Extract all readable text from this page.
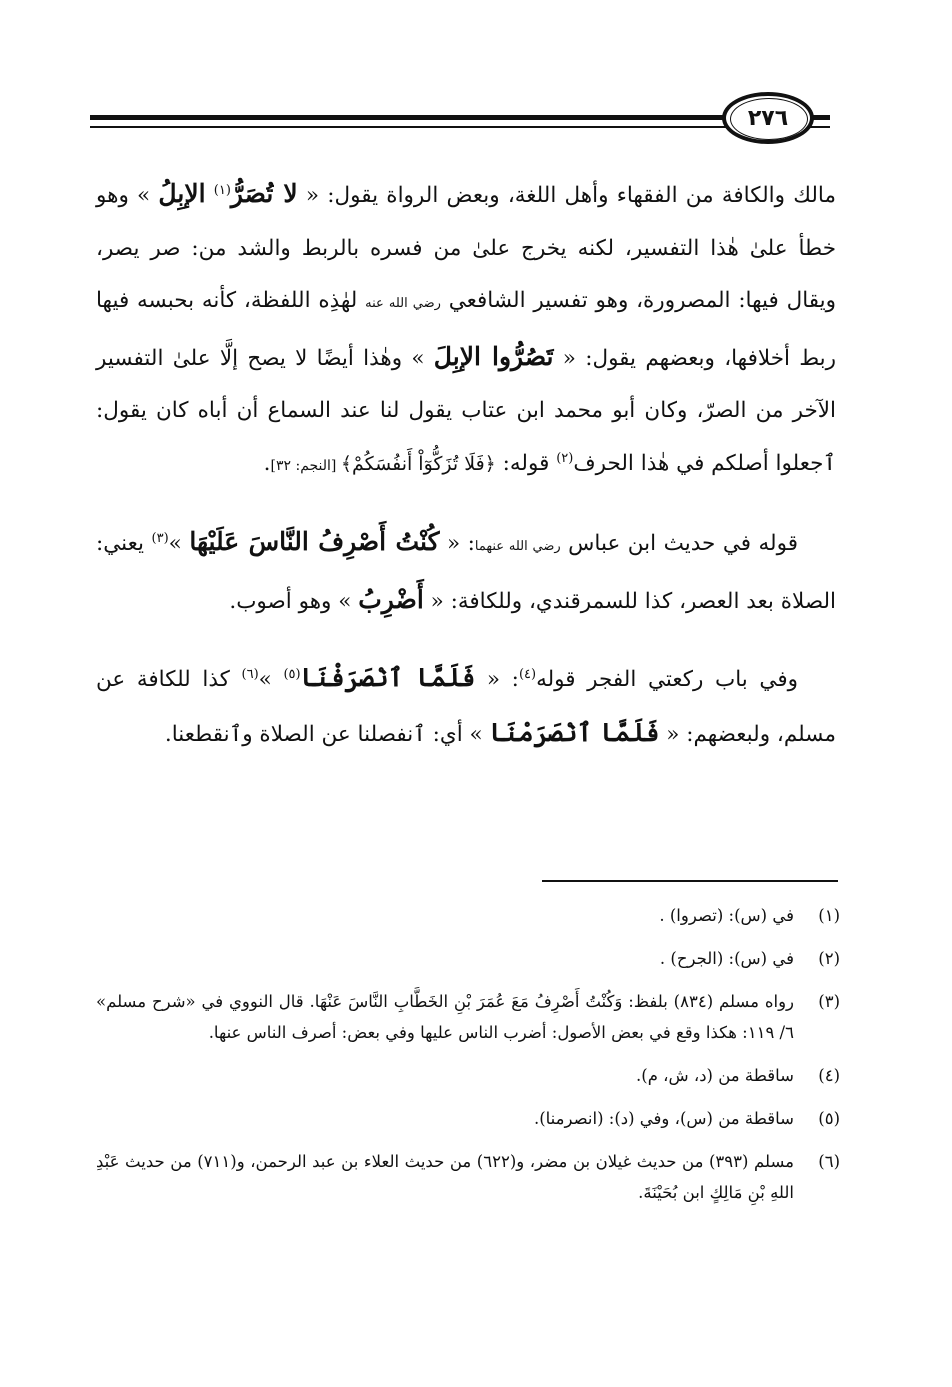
٢٧٦

مالك والكافة من الفقهاء وأهل اللغة، وبعض الرواة يقول: « لا تُصَرُّ$^{(١)}$ الإبِلُ » وهو خطأ علىٰ هٰذا التفسير، لكنه يخرج علىٰ من فسره بالربط والشد من: صر يصر، ويقال فيها: المصرورة، وهو تفسير الشافعي رضي الله عنه لهٰذِه اللفظة، كأنه بحبسه فيها ربط أخلافها، وبعضهم يقول: « تَصُرُّوا الإبِلَ » وهٰذا أيضًا لا يصح إلَّا علىٰ التفسير الآخر من الصرّ، وكان أبو محمد ابن عتاب يقول لنا عند السماع أن أباه كان يقول: ٱجعلوا أصلكم في هٰذا الحرف$^{(٢)}$ قوله: ﴿فَلَا تُزَكُّوٓاْ أَنفُسَكُمْ﴾ [النجم: ٣٢].

قوله في حديث ابن عباس رضي الله عنهما: « كُنْتُ أَصْرِفُ النَّاسَ عَلَيْهَا »$^{(٣)}$ يعني: الصلاة بعد العصر، كذا للسمرقندي، وللكافة: « أَضْرِبُ » وهو أصوب.

وفي باب ركعتي الفجر قوله$^{(٤)}$: « فَلَمَّا ٱنْصَرَفْنَا$^{(٥)}$ »$^{(٦)}$ كذا للكافة عن مسلم، ولبعضهم: « فَلَمَّا ٱنْصَرَمْنَا » أي: ٱنفصلنا عن الصلاة وٱنقطعنا.

(١)
في (س): (تصروا) .
(٢)
في (س): (الجرح) .
(٣)
رواه مسلم (٨٣٤) بلفظ: وَكُنْتُ أَصْرِفُ مَعَ عُمَرَ بْنِ الخَطَّابِ النَّاسَ عَنْهَا. قال النووي في «شرح مسلم» ٦/ ١١٩: هكذا وقع في بعض الأصول: أضرب الناس عليها وفي بعض: أصرف الناس عنها.
(٤)
ساقطة من (د، ش، م).
(٥)
ساقطة من (س)، وفي (د): (انصرمنا).
(٦)
مسلم (٣٩٣) من حديث غيلان بن مضر، و(٦٢٢) من حديث العلاء بن عبد الرحمن، و(٧١١) من حديث عَبْدِ اللهِ بْنِ مَالِكٍ ابن بُحَيْنَةَ.
